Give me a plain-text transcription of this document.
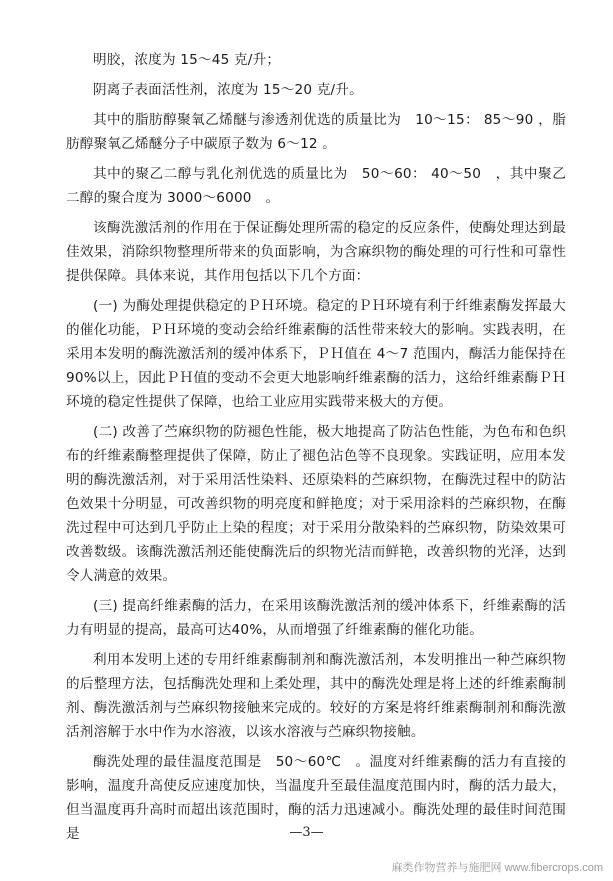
明胶，浓度为 15～45 克/升；

阴离子表面活性剂，浓度为 15～20 克/升。

其中的脂肪醇聚氧乙烯醚与渗透剂优选的质量比为　10～15： 85～90 ，脂肪醇聚氧乙烯醚分子中碳原子数为 6～12 。

其中的聚乙二醇与乳化剂优选的质量比为　50～60： 40～50　，其中聚乙二醇的聚合度为 3000～6000　。

该酶洗激活剂的作用在于保证酶处理所需的稳定的反应条件，使酶处理达到最佳效果，消除织物整理所带来的负面影响，为含麻织物的酶处理的可行性和可靠性提供保障。具体来说，其作用包括以下几个方面：

(一) 为酶处理提供稳定的ＰＨ环境。稳定的ＰＨ环境有利于纤维素酶发挥最大的催化功能，ＰＨ环境的变动会给纤维素酶的活性带来较大的影响。实践表明，在采用本发明的酶洗激活剂的缓冲体系下，ＰＨ值在 4～7 范围内，酶活力能保持在90%以上，因此ＰＨ值的变动不会更大地影响纤维素酶的活力，这给纤维素酶ＰＨ环境的稳定性提供了保障，也给工业应用实践带来极大的方便。

(二) 改善了苎麻织物的防褪色性能，极大地提高了防沾色性能，为色布和色织布的纤维素酶整理提供了保障，防止了褪色沾色等不良现象。实践证明，应用本发明的酶洗激活剂，对于采用活性染料、还原染料的苎麻织物，在酶洗过程中的防沾色效果十分明显，可改善织物的明亮度和鲜艳度；对于采用涂料的苎麻织物，在酶洗过程中可达到几乎防止上染的程度；对于采用分散染料的苎麻织物，防染效果可改善数级。该酶洗激活剂还能使酶洗后的织物光洁而鲜艳，改善织物的光泽，达到令人满意的效果。

(三) 提高纤维素酶的活力，在采用该酶洗激活剂的缓冲体系下，纤维素酶的活力有明显的提高，最高可达40%，从而增强了纤维素酶的催化功能。

利用本发明上述的专用纤维素酶制剂和酶洗激活剂，本发明推出一种苎麻织物的后整理方法，包括酶洗处理和上柔处理，其中的酶洗处理是将上述的纤维素酶制剂、酶洗激活剂与苎麻织物接触来完成的。较好的方案是将纤维素酶制剂和酶洗激活剂溶解于水中作为水溶液，以该水溶液与苎麻织物接触。

酶洗处理的最佳温度范围是　50～60℃　。温度对纤维素酶的活力有直接的影响，温度升高使反应速度加快，当温度升至最佳温度范围内时，酶的活力最大，但当温度再升高时而超出该范围时，酶的活力迅速减小。酶洗处理的最佳时间范围是	—3—
麻类作物营养与施肥网 www.fibercrops.com
